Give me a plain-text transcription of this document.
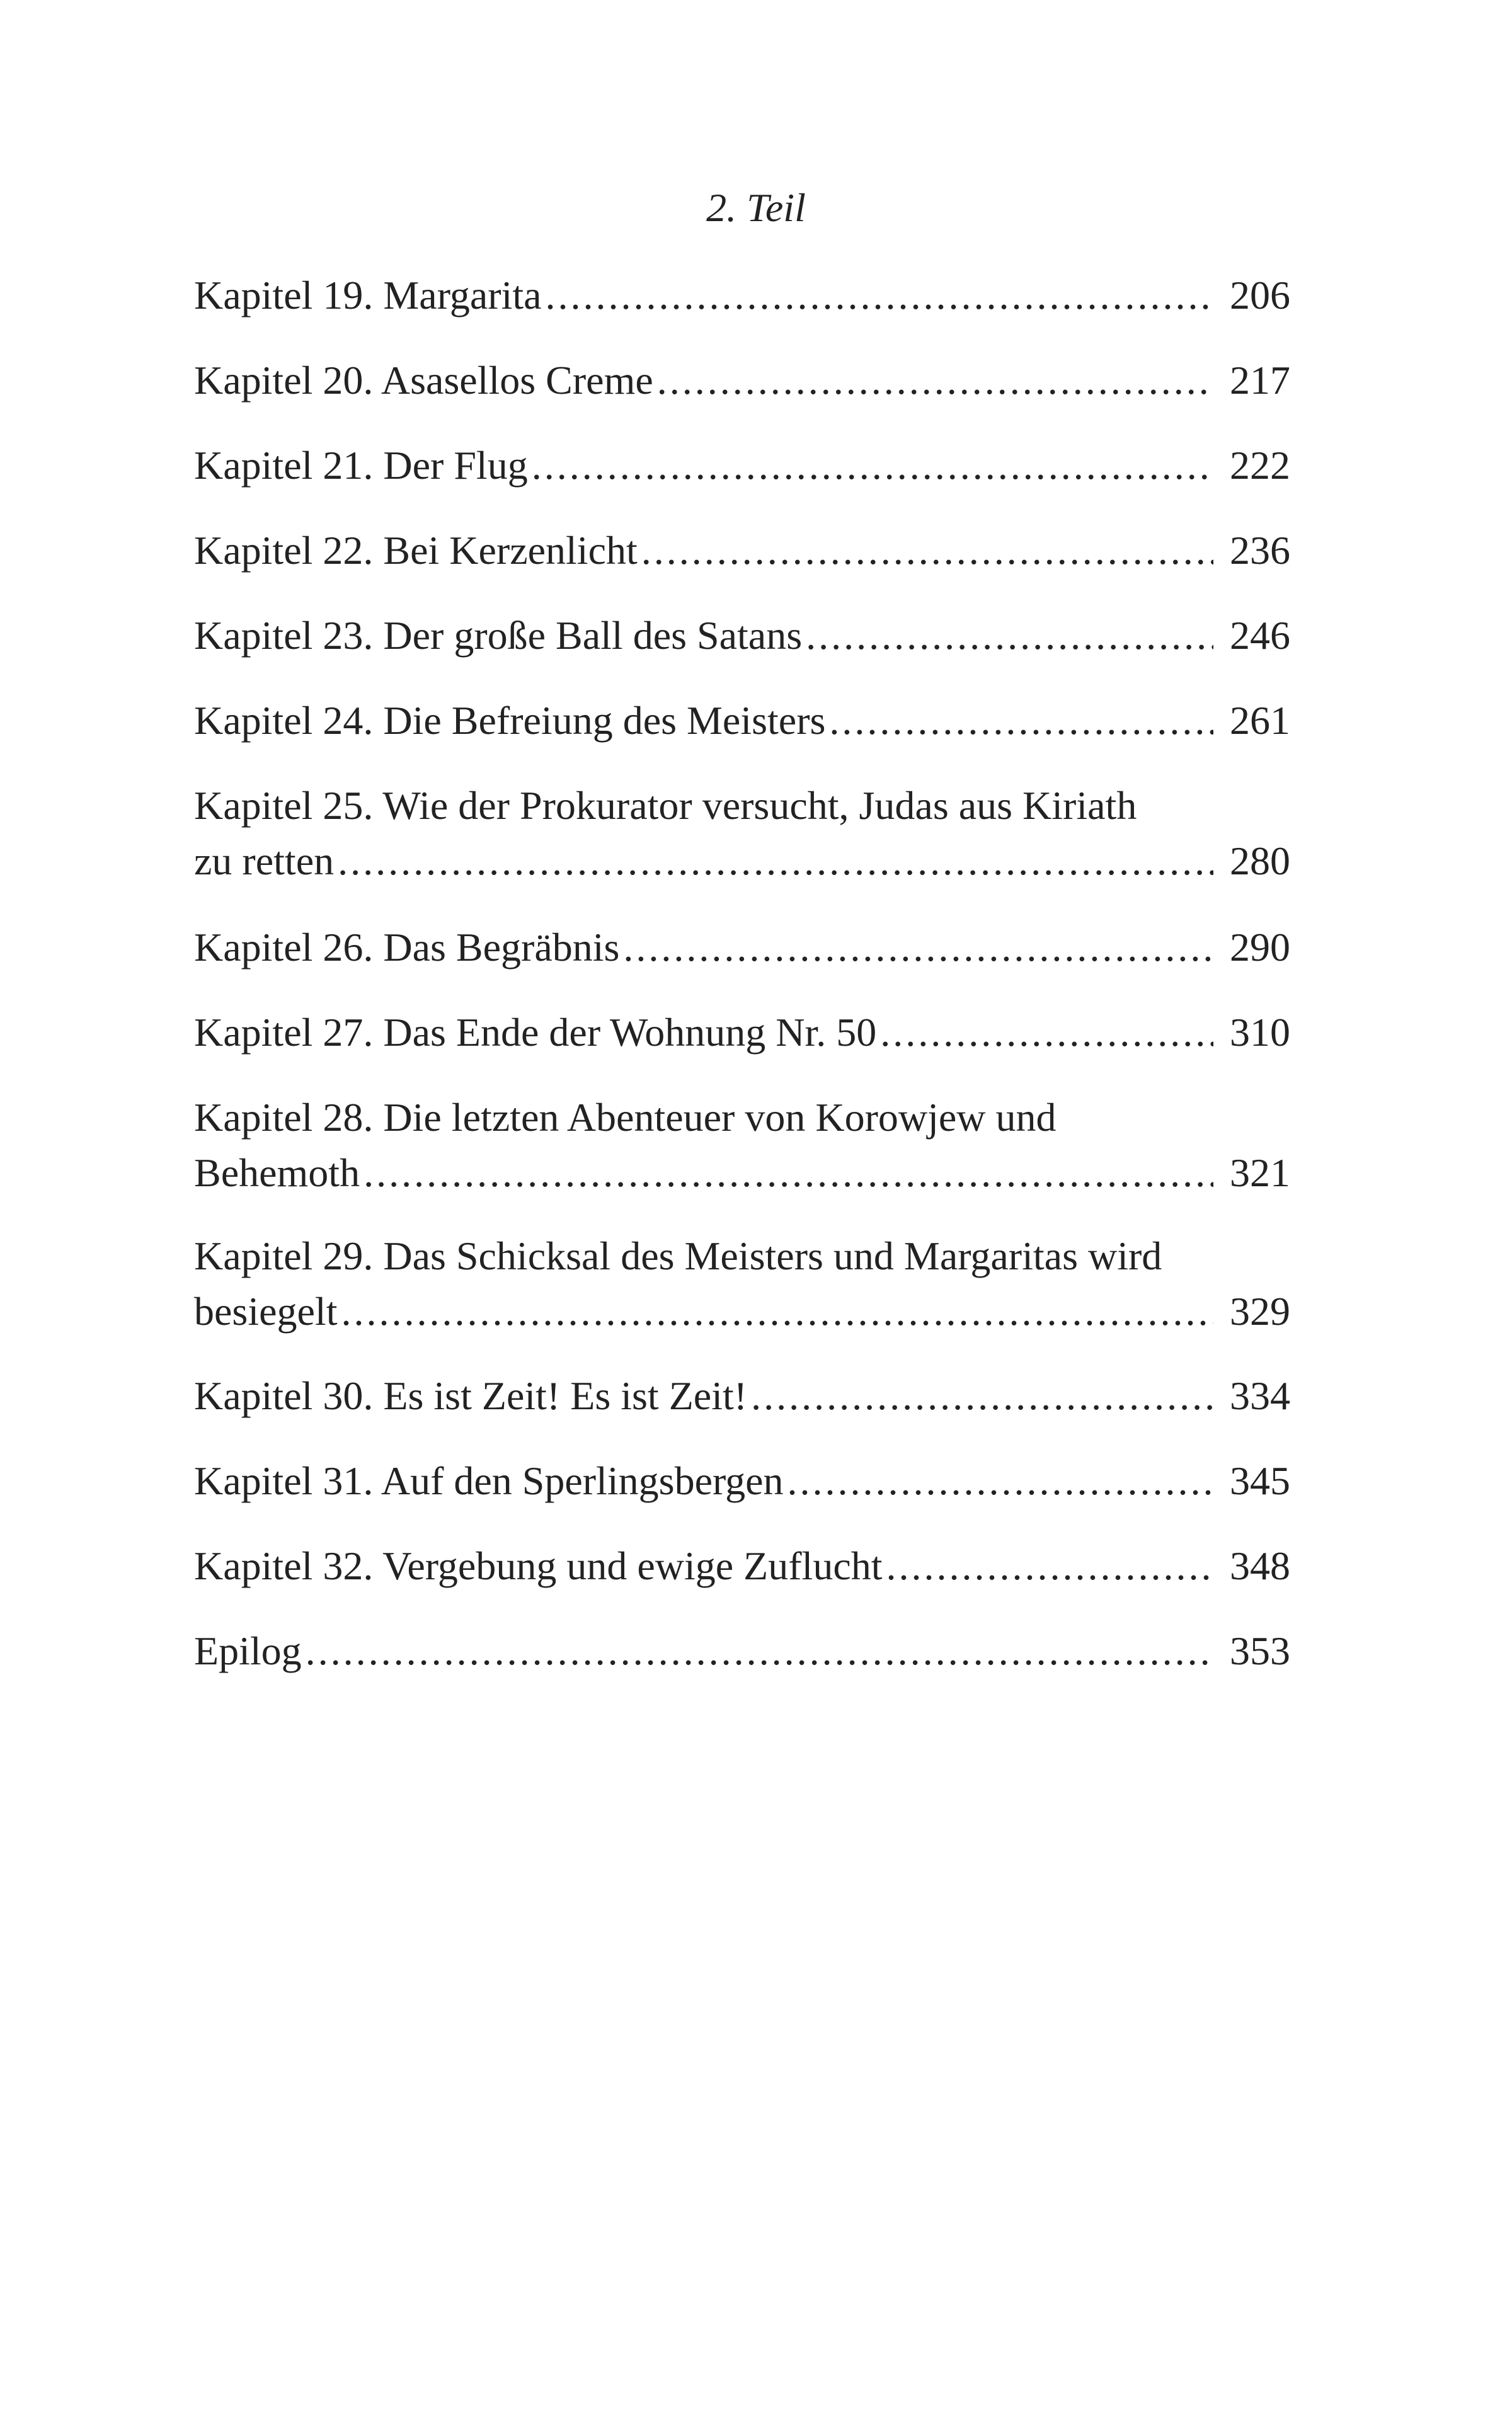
2. Teil
Kapitel 19. Margarita .....	206
Kapitel 20. Asasellos Creme .....	217
Kapitel 21. Der Flug .....	222
Kapitel 22. Bei Kerzenlicht .....	236
Kapitel 23. Der große Ball des Satans .....	246
Kapitel 24. Die Befreiung des Meisters .....	261
Kapitel 25. Wie der Prokurator versucht, Judas aus Kiriath
zu retten .....	280
Kapitel 26. Das Begräbnis .....	290
Kapitel 27. Das Ende der Wohnung Nr. 50 .....	310
Kapitel 28. Die letzten Abenteuer von Korowjew und
Behemoth .....	321
Kapitel 29. Das Schicksal des Meisters und Margaritas wird
besiegelt .....	329
Kapitel 30. Es ist Zeit! Es ist Zeit! .....	334
Kapitel 31. Auf den Sperlingsbergen .....	345
Kapitel 32. Vergebung und ewige Zuflucht .....	348
Epilog .....	353
